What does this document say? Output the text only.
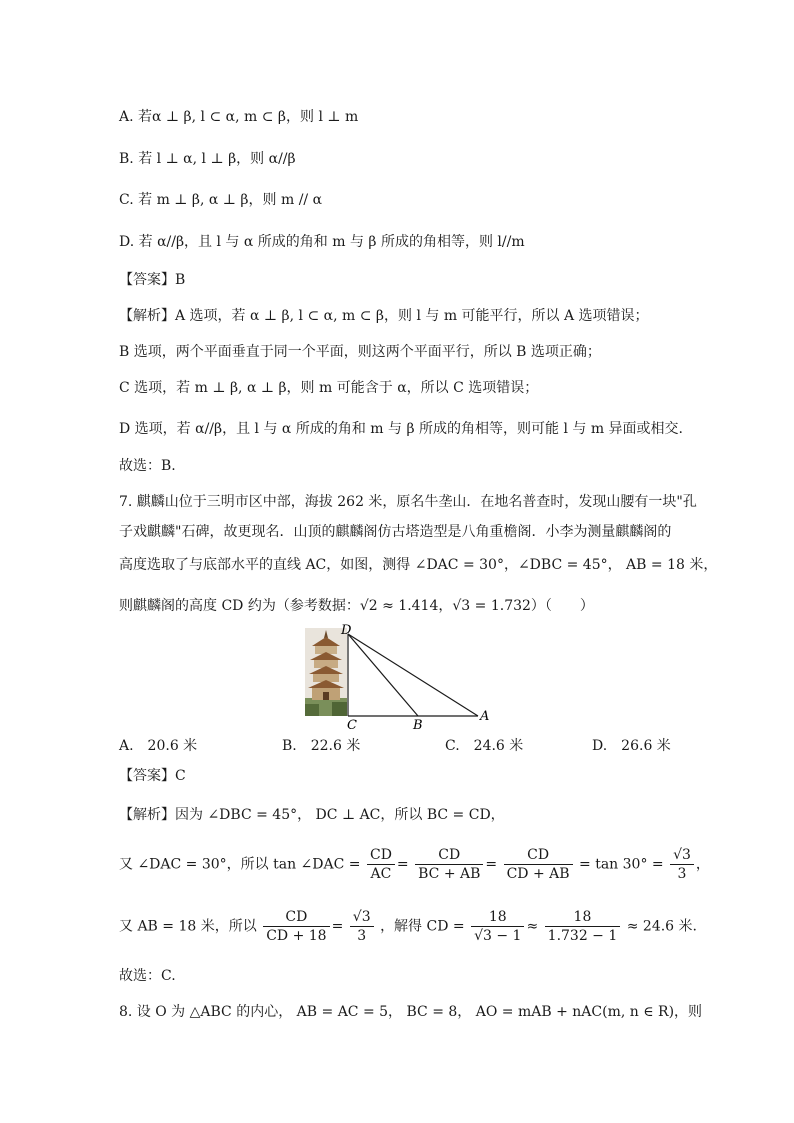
A. 若α ⊥ β, l ⊂ α, m ⊂ β，则 l ⊥ m
B. 若 l ⊥ α, l ⊥ β，则 α//β
C. 若 m ⊥ β, α ⊥ β，则 m // α
D. 若 α//β，且 l 与 α 所成的角和 m 与 β 所成的角相等，则 l//m
【答案】B
【解析】A 选项，若 α ⊥ β, l ⊂ α, m ⊂ β，则 l 与 m 可能平行，所以 A 选项错误；
B 选项，两个平面垂直于同一个平面，则这两个平面平行，所以 B 选项正确；
C 选项，若 m ⊥ β, α ⊥ β，则 m 可能含于 α，所以 C 选项错误；
D 选项，若 α//β，且 l 与 α 所成的角和 m 与 β 所成的角相等，则可能 l 与 m 异面或相交.
故选：B.
7. 麒麟山位于三明市区中部，海拔 262 米，原名牛垄山．在地名普查时，发现山腰有一块"孔
子戏麒麟"石碑，故更现名．山顶的麒麟阁仿古塔造型是八角重檐阁．小李为测量麒麟阁的
高度选取了与底部水平的直线 AC，如图，测得 ∠DAC = 30°，∠DBC = 45°， AB = 18 米，
则麒麟阁的高度 CD 约为（参考数据：√2 ≈ 1.414，√3 = 1.732）（　　）
D
C	B
A
A.　20.6 米	B.　22.6 米	C.　24.6 米	D.　26.6 米
【答案】C
【解析】因为 ∠DBC = 45°， DC ⊥ AC，所以 BC = CD，
又 ∠DAC = 30°，所以 tan ∠DAC = $\frac{CD}{AC} = \frac{CD}{BC + AB} = \frac{CD}{CD + AB} = \tan 30^\circ = \frac{√3}{3}$ ，
又 AB = 18 米，所以 $\frac{CD}{CD + 18} = \frac{√3}{3}$ ，解得 CD = $\frac{18}{√3 - 1} \approx \frac{18}{1.732 - 1} \approx 24.6$ 米.
故选：C.
8. 设 O 为 △ABC 的内心， AB = AC = 5， BC = 8， AO = mAB + nAC(m, n ∈ R)，则
